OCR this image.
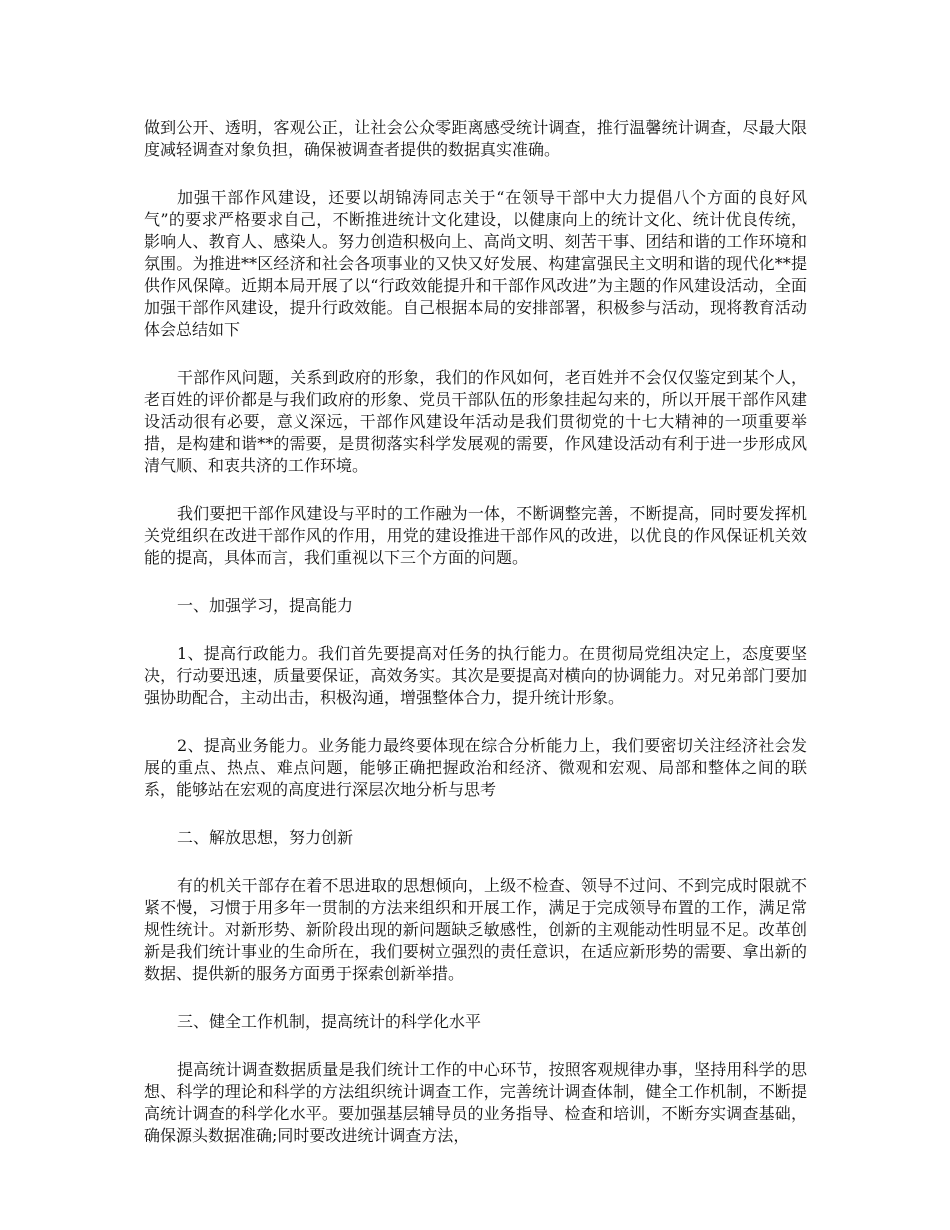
做到公开、透明，客观公正，让社会公众零距离感受统计调查，推行温馨统计调查，尽最大限度减轻调查对象负担，确保被调查者提供的数据真实准确。

加强干部作风建设，还要以胡锦涛同志关于“在领导干部中大力提倡八个方面的良好风气”的要求严格要求自己，不断推进统计文化建设，以健康向上的统计文化、统计优良传统，影响人、教育人、感染人。努力创造积极向上、高尚文明、刻苦干事、团结和谐的工作环境和氛围。为推进**区经济和社会各项事业的又快又好发展、构建富强民主文明和谐的现代化**提供作风保障。近期本局开展了以“行政效能提升和干部作风改进”为主题的作风建设活动，全面加强干部作风建设，提升行政效能。自己根据本局的安排部署，积极参与活动，现将教育活动体会总结如下

干部作风问题，关系到政府的形象，我们的作风如何，老百姓并不会仅仅鉴定到某个人，老百姓的评价都是与我们政府的形象、党员干部队伍的形象挂起勾来的，所以开展干部作风建设活动很有必要，意义深远，干部作风建设年活动是我们贯彻党的十七大精神的一项重要举措，是构建和谐**的需要，是贯彻落实科学发展观的需要，作风建设活动有利于进一步形成风清气顺、和衷共济的工作环境。

我们要把干部作风建设与平时的工作融为一体，不断调整完善，不断提高，同时要发挥机关党组织在改进干部作风的作用，用党的建设推进干部作风的改进，以优良的作风保证机关效能的提高，具体而言，我们重视以下三个方面的问题。

一、加强学习，提高能力

1、提高行政能力。我们首先要提高对任务的执行能力。在贯彻局党组决定上，态度要坚决，行动要迅速，质量要保证，高效务实。其次是要提高对横向的协调能力。对兄弟部门要加强协助配合，主动出击，积极沟通，增强整体合力，提升统计形象。

2、提高业务能力。业务能力最终要体现在综合分析能力上，我们要密切关注经济社会发展的重点、热点、难点问题，能够正确把握政治和经济、微观和宏观、局部和整体之间的联系，能够站在宏观的高度进行深层次地分析与思考

二、解放思想，努力创新

有的机关干部存在着不思进取的思想倾向，上级不检查、领导不过问、不到完成时限就不紧不慢，习惯于用多年一贯制的方法来组织和开展工作，满足于完成领导布置的工作，满足常规性统计。对新形势、新阶段出现的新问题缺乏敏感性，创新的主观能动性明显不足。改革创新是我们统计事业的生命所在，我们要树立强烈的责任意识，在适应新形势的需要、拿出新的数据、提供新的服务方面勇于探索创新举措。

三、健全工作机制，提高统计的科学化水平

提高统计调查数据质量是我们统计工作的中心环节，按照客观规律办事，坚持用科学的思想、科学的理论和科学的方法组织统计调查工作，完善统计调查体制，健全工作机制，不断提高统计调查的科学化水平。要加强基层辅导员的业务指导、检查和培训，不断夯实调查基础，确保源头数据准确;同时要改进统计调查方法，
